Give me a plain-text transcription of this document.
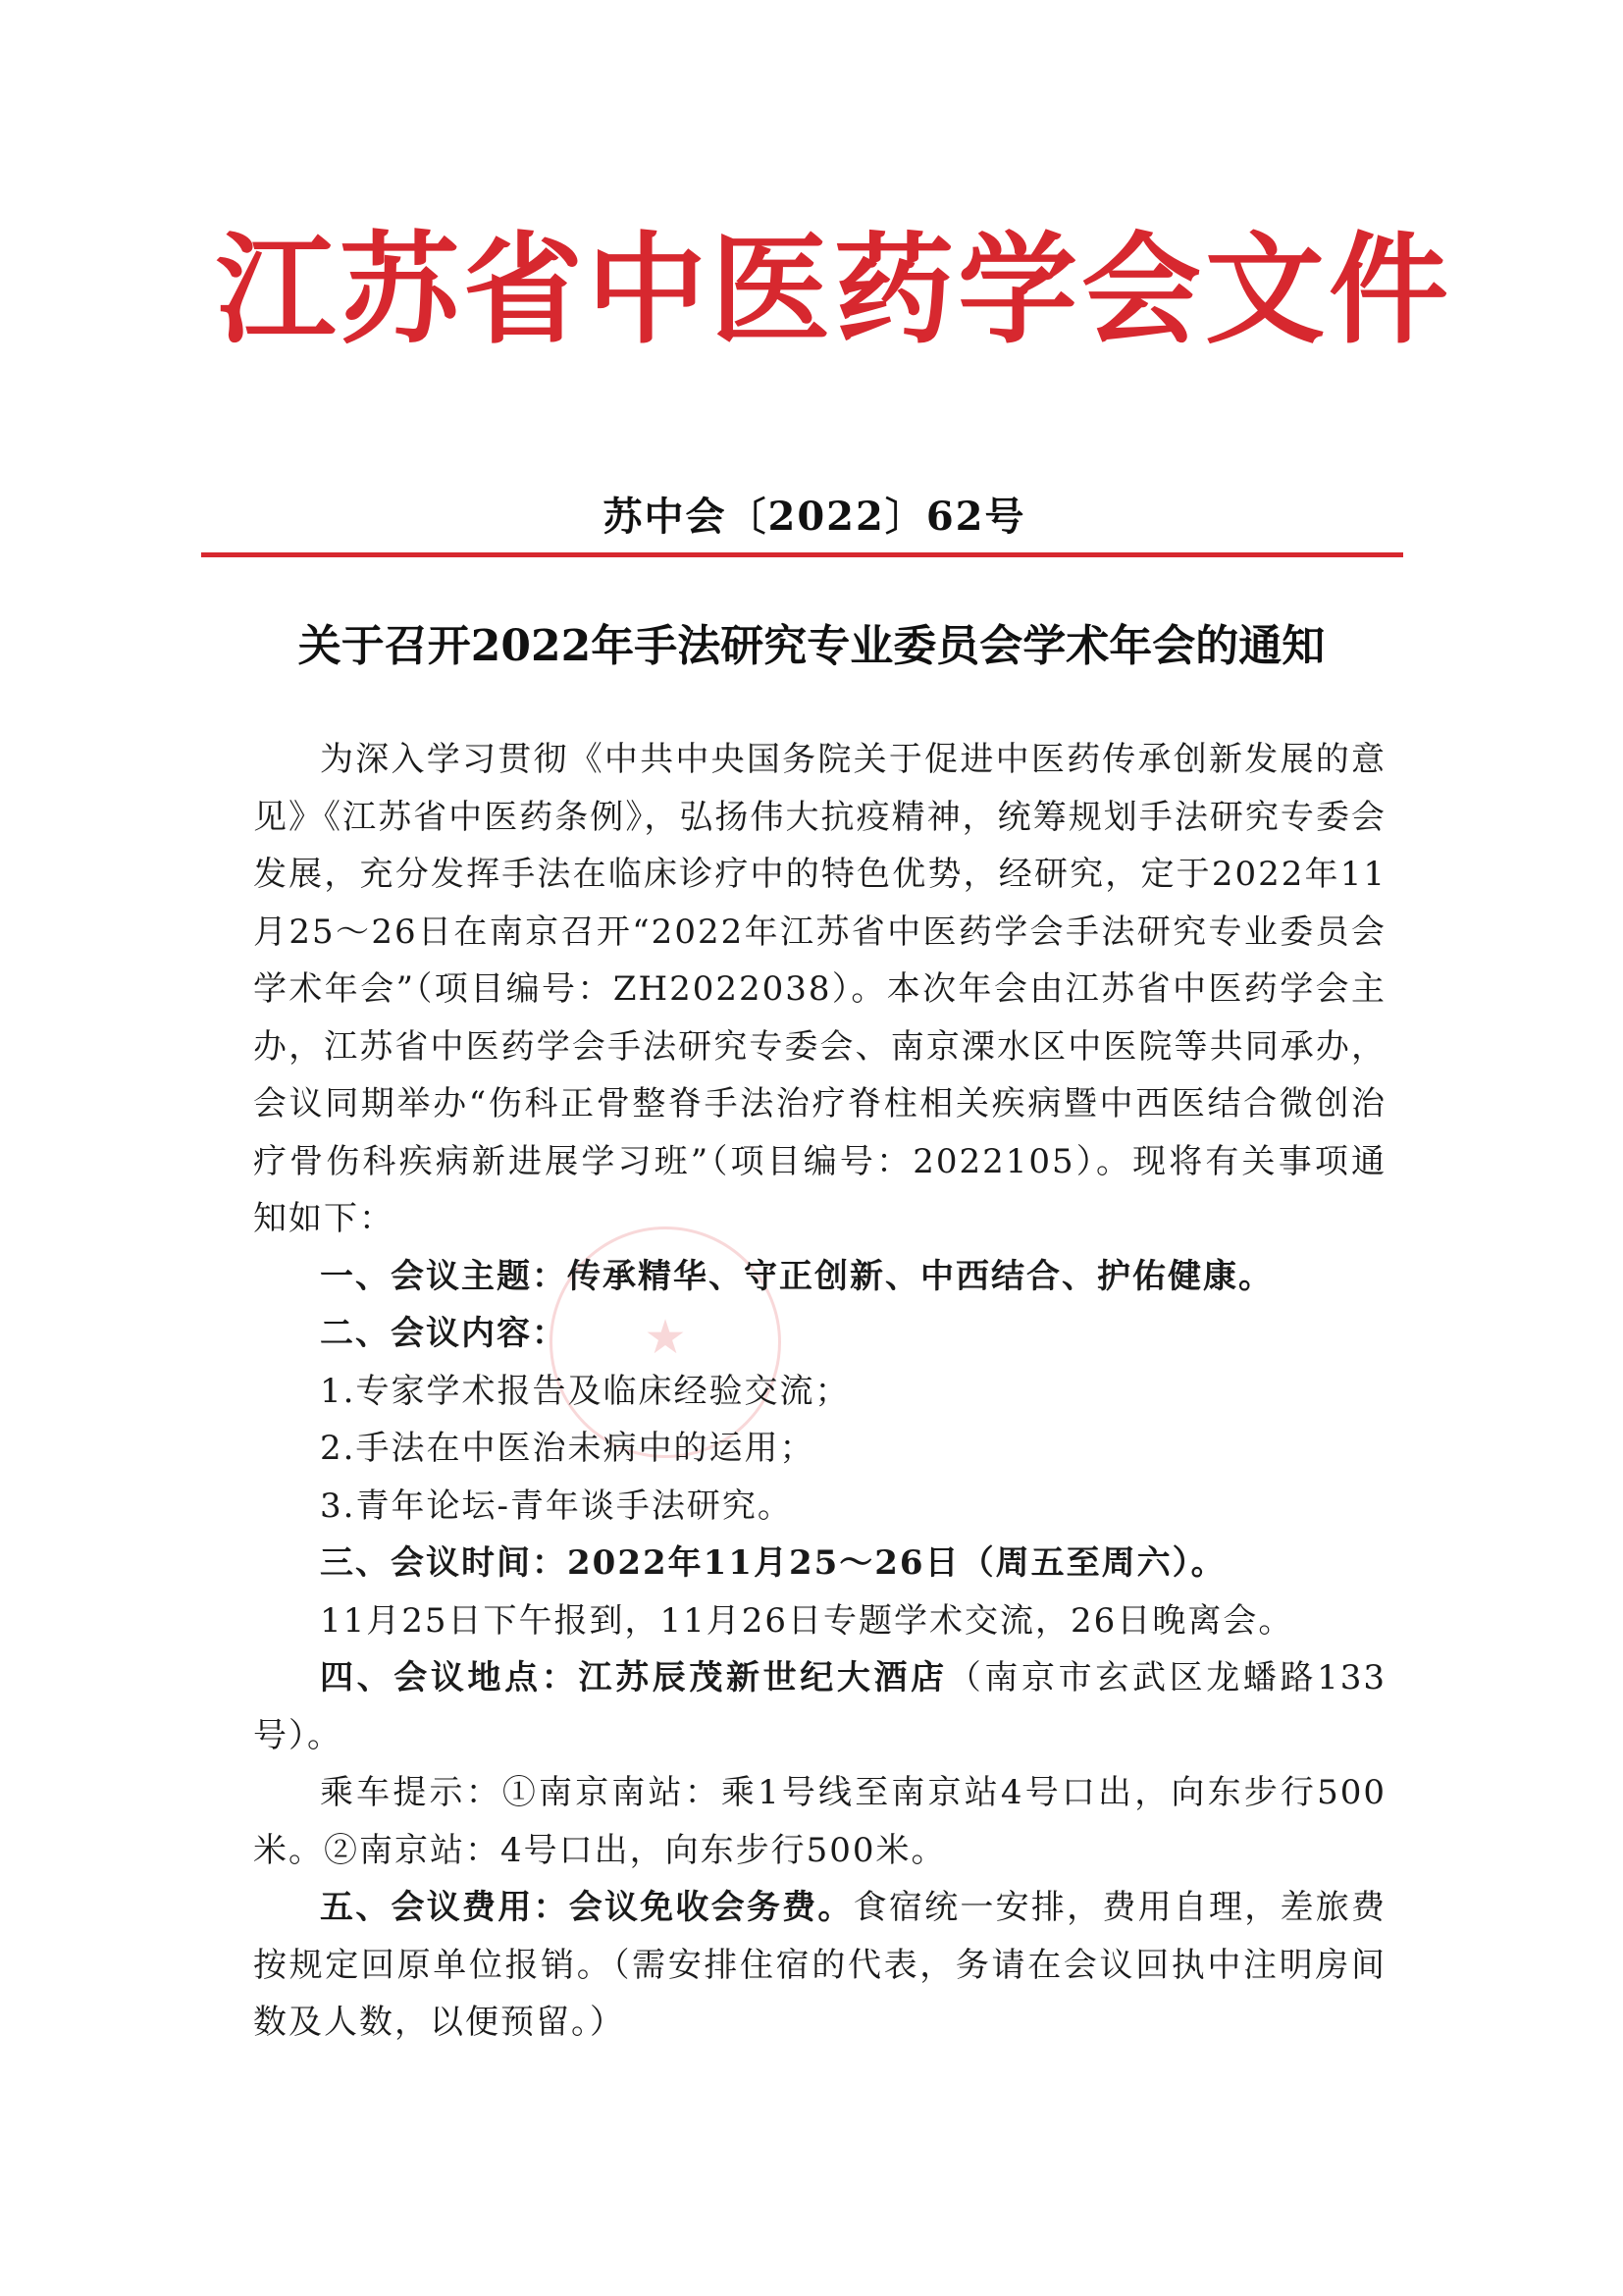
江苏省中医药学会文件
苏中会〔2022〕62号
关于召开2022年手法研究专业委员会学术年会的通知
★

为深入学习贯彻《中共中央国务院关于促进中医药传承创新发展的意见》《江苏省中医药条例》，弘扬伟大抗疫精神，统筹规划手法研究专委会发展，充分发挥手法在临床诊疗中的特色优势，经研究，定于2022年11月25～26日在南京召开“2022年江苏省中医药学会手法研究专业委员会学术年会”（项目编号：ZH2022038）。本次年会由江苏省中医药学会主办，江苏省中医药学会手法研究专委会、南京溧水区中医院等共同承办，会议同期举办“伤科正骨整脊手法治疗脊柱相关疾病暨中西医结合微创治疗骨伤科疾病新进展学习班”（项目编号：2022105）。现将有关事项通知如下：

一、会议主题：传承精华、守正创新、中西结合、护佑健康。

二、会议内容：

1.专家学术报告及临床经验交流；

2.手法在中医治未病中的运用；

3.青年论坛-青年谈手法研究。

三、会议时间：2022年11月25～26日（周五至周六）。

11月25日下午报到，11月26日专题学术交流，26日晚离会。

四、会议地点：江苏辰茂新世纪大酒店（南京市玄武区龙蟠路133号）。

乘车提示：①南京南站：乘1号线至南京站4号口出，向东步行500米。②南京站：4号口出，向东步行500米。

五、会议费用：会议免收会务费。食宿统一安排，费用自理，差旅费按规定回原单位报销。（需安排住宿的代表，务请在会议回执中注明房间数及人数，以便预留。）
